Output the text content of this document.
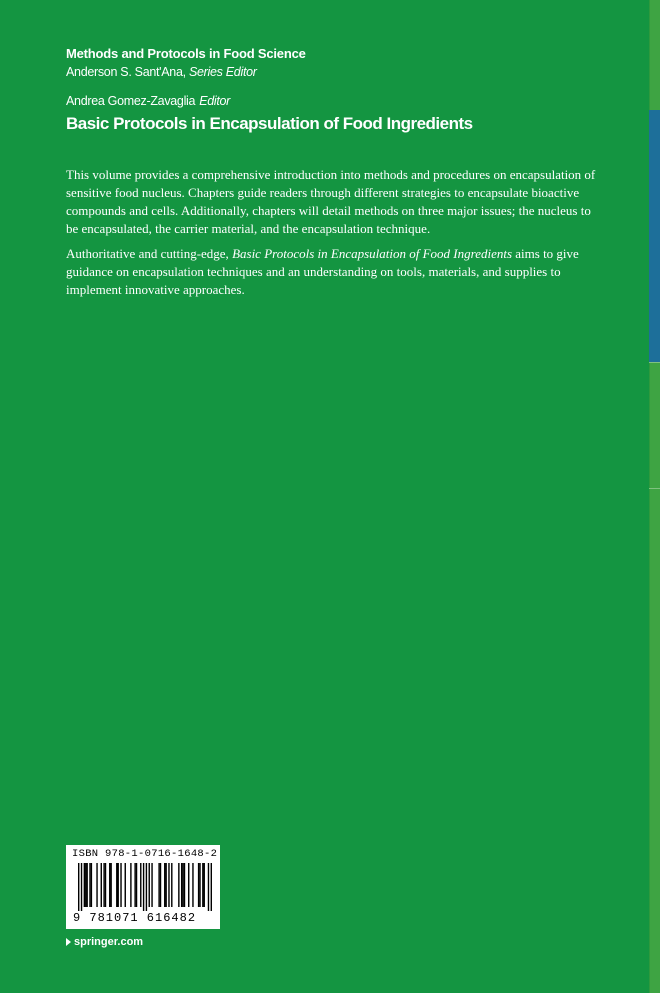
Methods and Protocols in Food Science
Anderson S. Sant'Ana, Series Editor
Andrea Gomez-Zavaglia Editor
Basic Protocols in Encapsulation of Food Ingredients

This volume provides a comprehensive introduction into methods and procedures on encapsulation of sensitive food nucleus. Chapters guide readers through different strategies to encapsulate bioactive compounds and cells. Additionally, chapters will detail methods on three major issues; the nucleus to be encapsulated, the carrier material, and the encapsulation technique.

Authoritative and cutting-edge, Basic Protocols in Encapsulation of Food Ingredients aims to give guidance on encapsulation techniques and an understanding on tools, materials, and supplies to implement innovative approaches.

ISBN 978-1-0716-1648-2
9 781071 616482
springer.com
